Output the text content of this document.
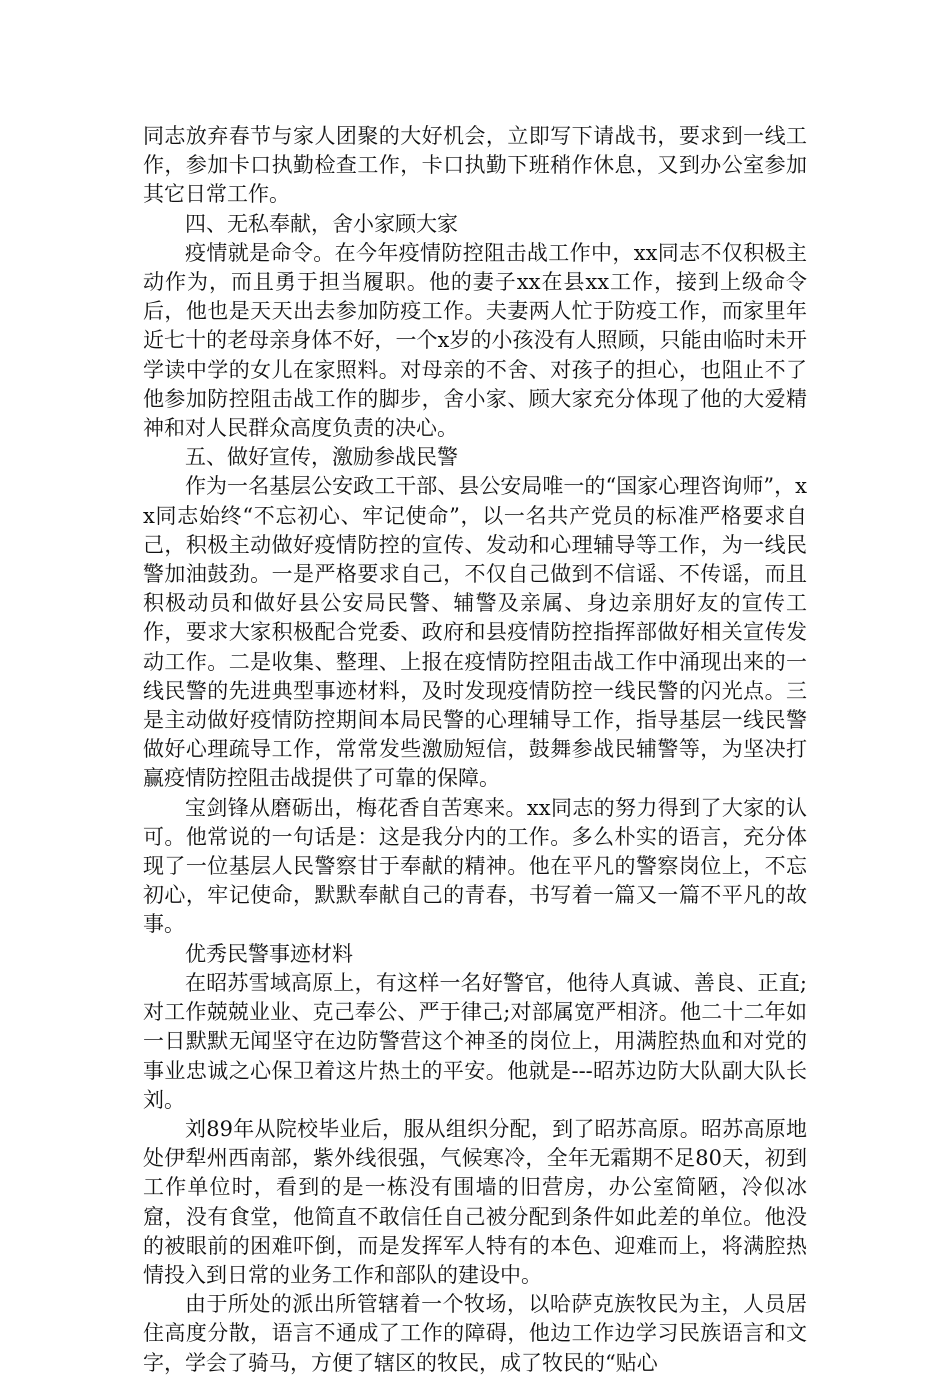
同志放弃春节与家人团聚的大好机会，立即写下请战书，要求到一线工作，参加卡口执勤检查工作，卡口执勤下班稍作休息，又到办公室参加其它日常工作。

四、无私奉献，舍小家顾大家

疫情就是命令。在今年疫情防控阻击战工作中，xx同志不仅积极主动作为，而且勇于担当履职。他的妻子xx在县xx工作，接到上级命令后，他也是天天出去参加防疫工作。夫妻两人忙于防疫工作，而家里年近七十的老母亲身体不好，一个x岁的小孩没有人照顾，只能由临时未开学读中学的女儿在家照料。对母亲的不舍、对孩子的担心，也阻止不了他参加防控阻击战工作的脚步，舍小家、顾大家充分体现了他的大爱精神和对人民群众高度负责的决心。

五、做好宣传，激励参战民警

作为一名基层公安政工干部、县公安局唯一的“国家心理咨询师”，xx同志始终“不忘初心、牢记使命”，以一名共产党员的标准严格要求自己，积极主动做好疫情防控的宣传、发动和心理辅导等工作，为一线民警加油鼓劲。一是严格要求自己，不仅自己做到不信谣、不传谣，而且积极动员和做好县公安局民警、辅警及亲属、身边亲朋好友的宣传工作，要求大家积极配合党委、政府和县疫情防控指挥部做好相关宣传发动工作。二是收集、整理、上报在疫情防控阻击战工作中涌现出来的一线民警的先进典型事迹材料，及时发现疫情防控一线民警的闪光点。三是主动做好疫情防控期间本局民警的心理辅导工作，指导基层一线民警做好心理疏导工作，常常发些激励短信，鼓舞参战民辅警等，为坚决打赢疫情防控阻击战提供了可靠的保障。

宝剑锋从磨砺出，梅花香自苦寒来。xx同志的努力得到了大家的认可。他常说的一句话是：这是我分内的工作。多么朴实的语言，充分体现了一位基层人民警察甘于奉献的精神。他在平凡的警察岗位上，不忘初心，牢记使命，默默奉献自己的青春，书写着一篇又一篇不平凡的故事。

优秀民警事迹材料

在昭苏雪域高原上，有这样一名好警官，他待人真诚、善良、正直;对工作兢兢业业、克己奉公、严于律己;对部属宽严相济。他二十二年如一日默默无闻坚守在边防警营这个神圣的岗位上，用满腔热血和对党的事业忠诚之心保卫着这片热土的平安。他就是---昭苏边防大队副大队长刘。

刘89年从院校毕业后，服从组织分配，到了昭苏高原。昭苏高原地处伊犁州西南部，紫外线很强，气候寒冷，全年无霜期不足80天，初到工作单位时，看到的是一栋没有围墙的旧营房，办公室简陋，冷似冰窟，没有食堂，他简直不敢信任自己被分配到条件如此差的单位。他没的被眼前的困难吓倒，而是发挥军人特有的本色、迎难而上，将满腔热情投入到日常的业务工作和部队的建设中。

由于所处的派出所管辖着一个牧场，以哈萨克族牧民为主，人员居住高度分散，语言不通成了工作的障碍，他边工作边学习民族语言和文字，学会了骑马，方便了辖区的牧民，成了牧民的“贴心
